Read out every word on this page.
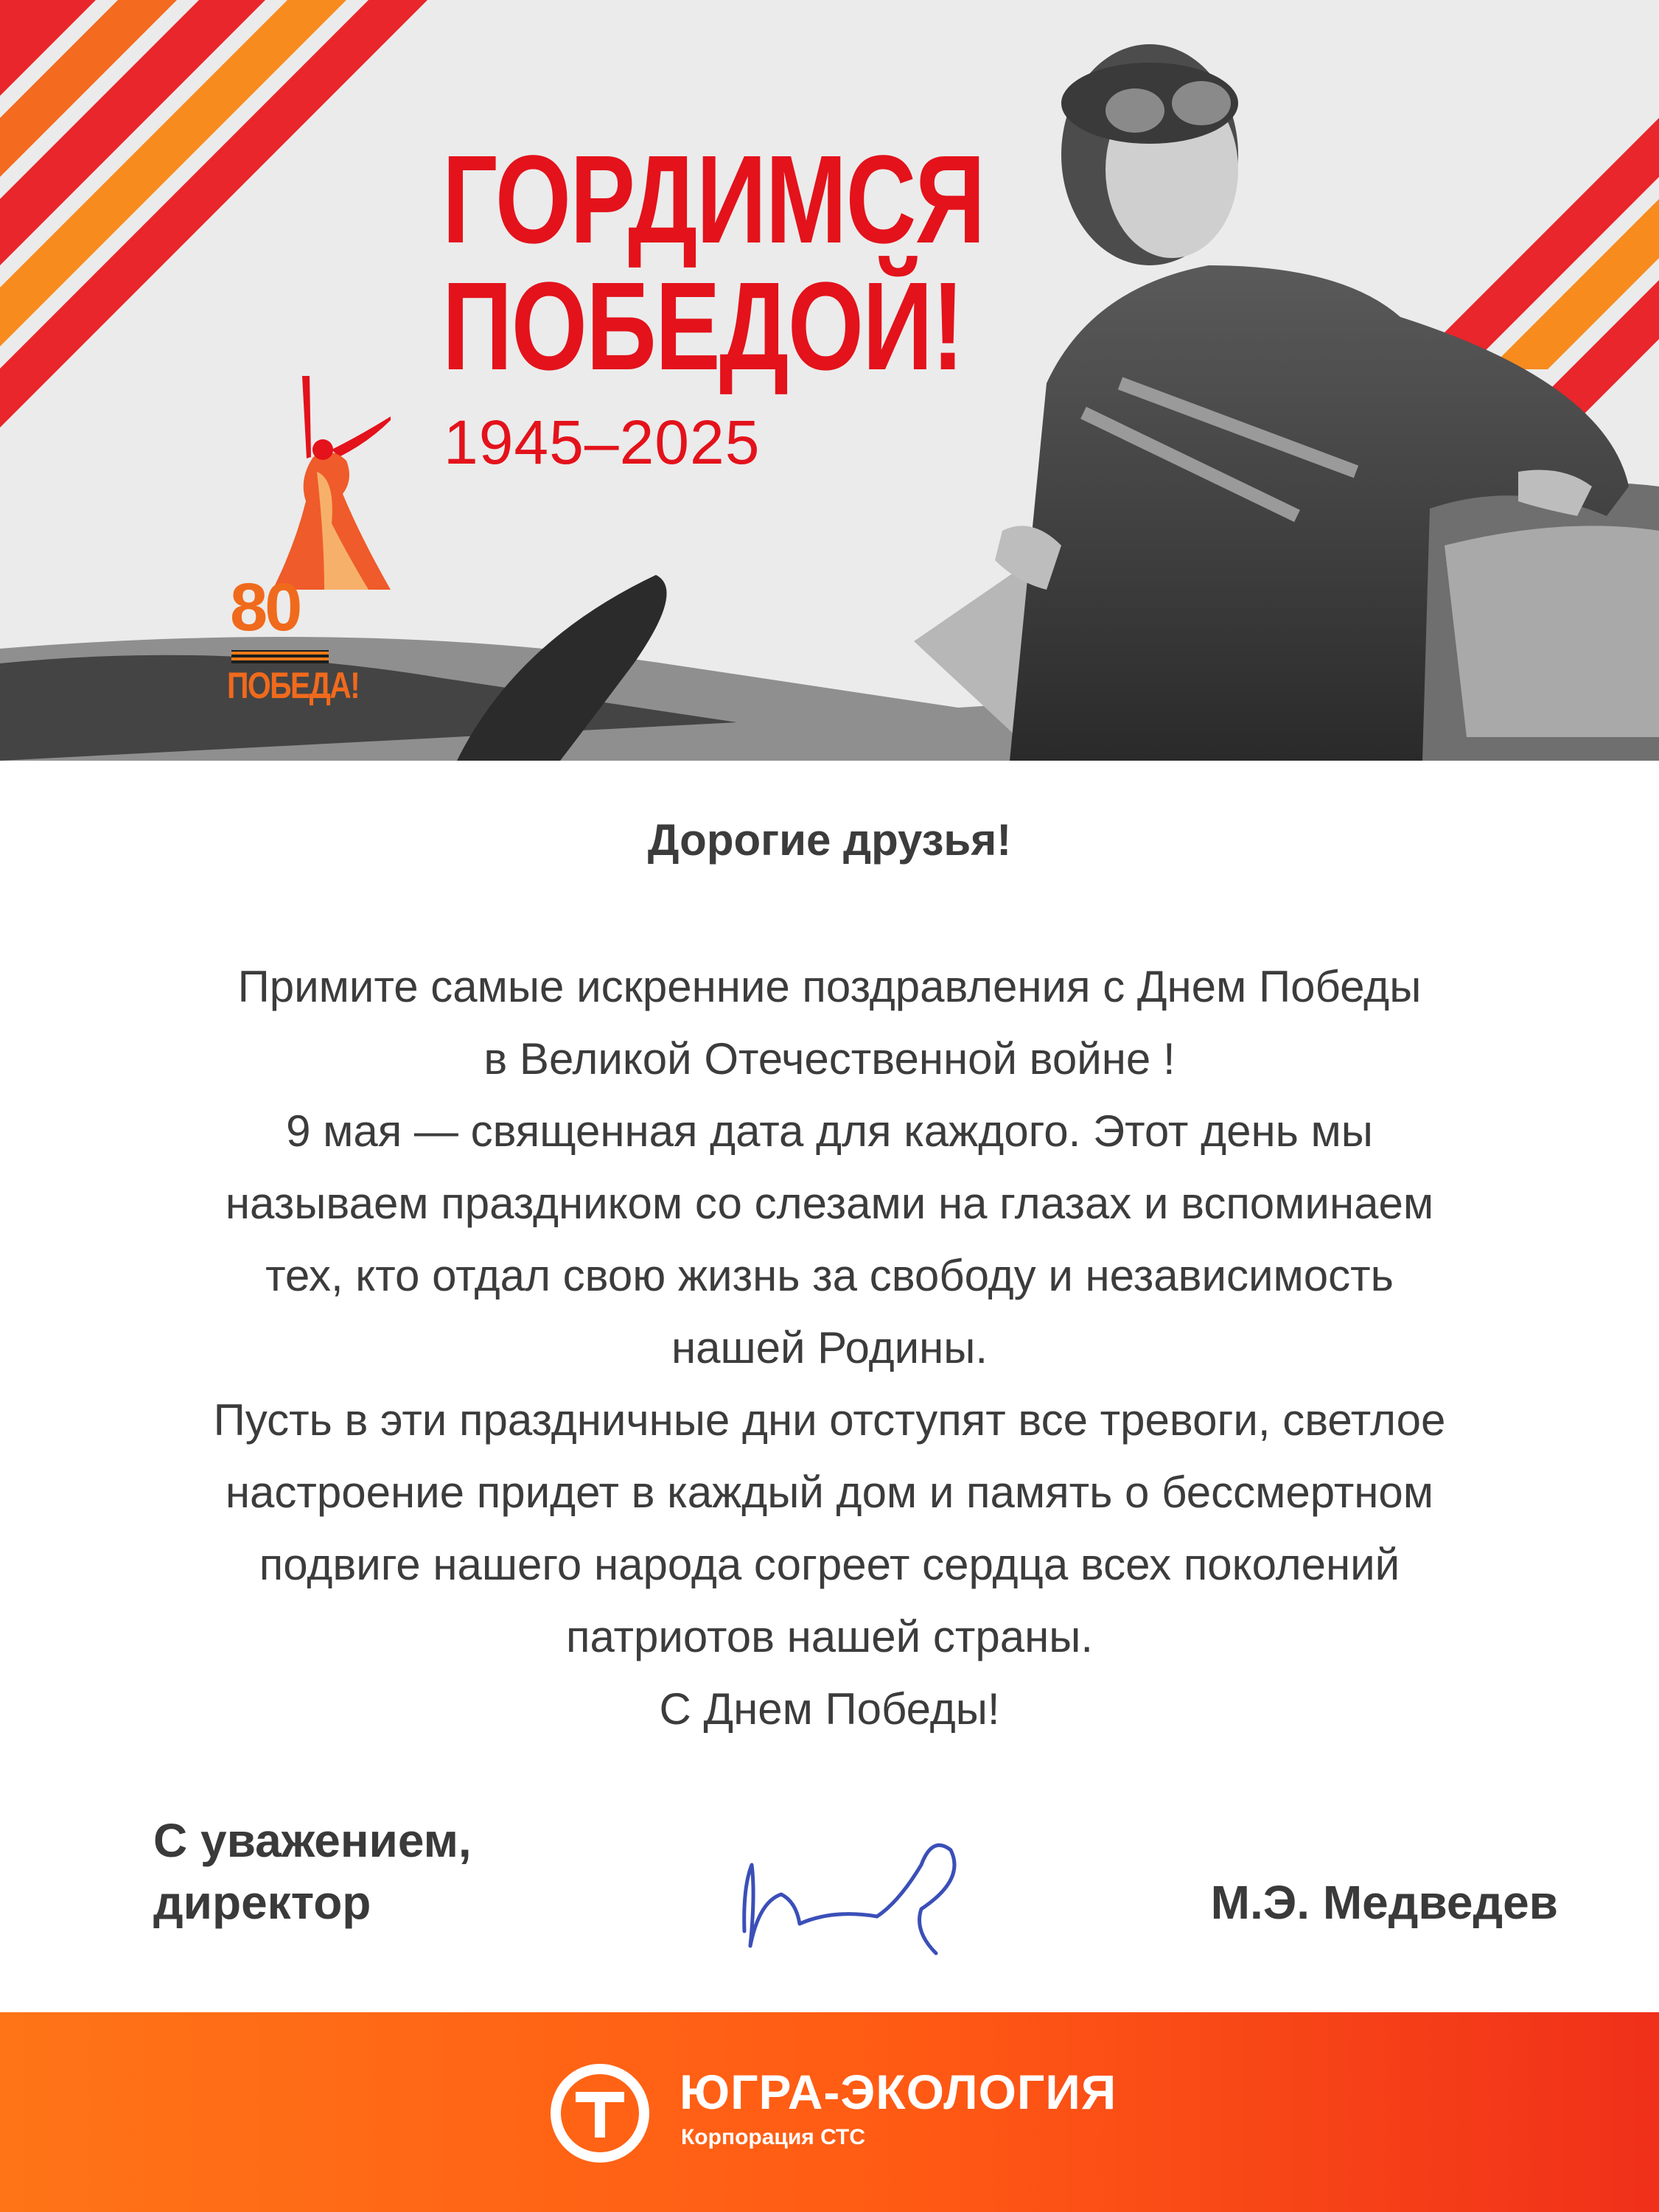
ГОРДИМСЯ
ПОБЕДОЙ!
1945–2025
80
ПОБЕДА!
Дорогие друзья!
Примите самые искренние поздравления с Днем Победы
в Великой Отечественной войне !
9 мая — священная дата для каждого. Этот день мы
называем праздником со слезами на глазах и вспоминаем
тех, кто отдал свою жизнь за свободу и независимость
нашей Родины.
Пусть в эти праздничные дни отступят все тревоги, светлое
настроение придет в каждый дом и память о бессмертном
подвиге нашего народа согреет сердца всех поколений
патриотов нашей страны.
С Днем Победы!
С уважением,
директор	М.Э. Медведев
ЮГРА-ЭКОЛОГИЯ
Корпорация СТС
